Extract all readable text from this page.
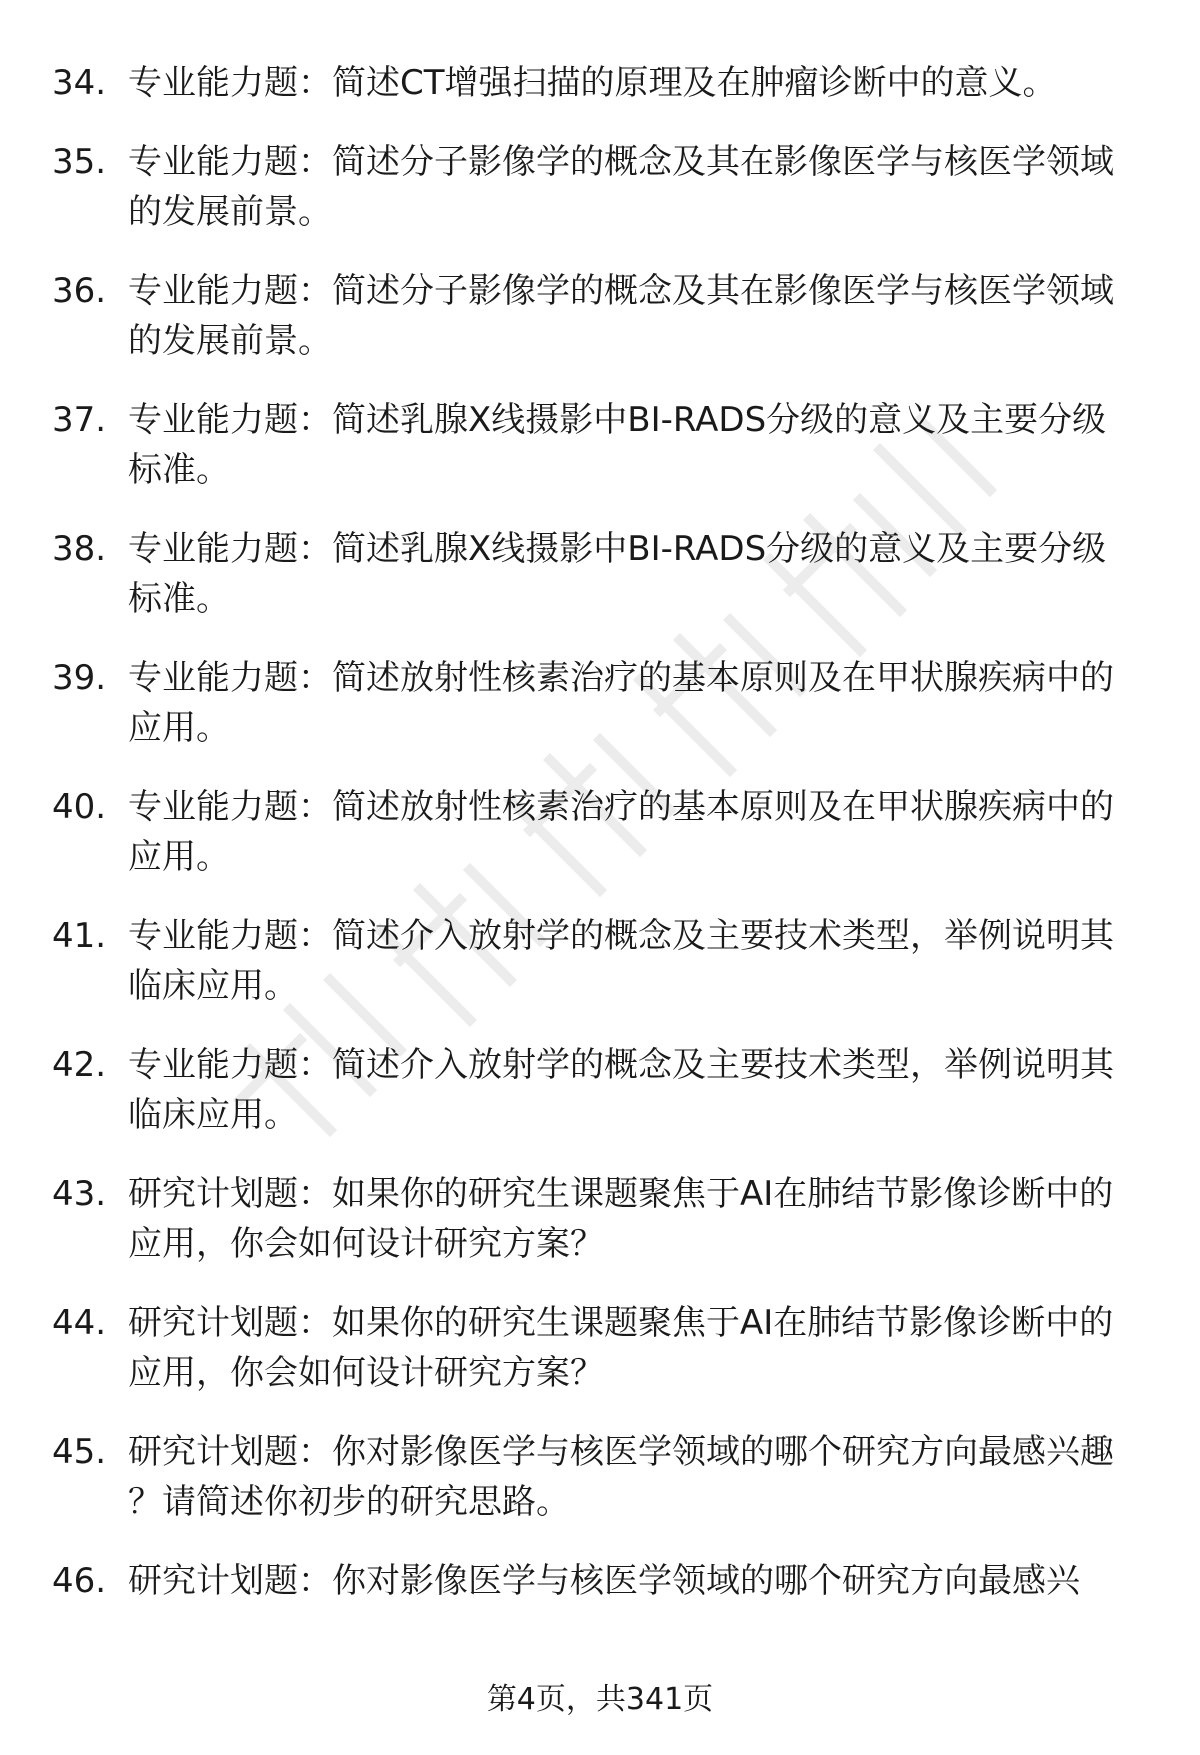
34. 专业能力题：简述CT增强扫描的原理及在肿瘤诊断中的意义。
35. 专业能力题：简述分子影像学的概念及其在影像医学与核医学领域的发展前景。
36. 专业能力题：简述分子影像学的概念及其在影像医学与核医学领域的发展前景。
37. 专业能力题：简述乳腺X线摄影中BI-RADS分级的意义及主要分级标准。
38. 专业能力题：简述乳腺X线摄影中BI-RADS分级的意义及主要分级标准。
39. 专业能力题：简述放射性核素治疗的基本原则及在甲状腺疾病中的应用。
40. 专业能力题：简述放射性核素治疗的基本原则及在甲状腺疾病中的应用。
41. 专业能力题：简述介入放射学的概念及主要技术类型，举例说明其临床应用。
42. 专业能力题：简述介入放射学的概念及主要技术类型，举例说明其临床应用。
43. 研究计划题：如果你的研究生课题聚焦于AI在肺结节影像诊断中的应用，你会如何设计研究方案？
44. 研究计划题：如果你的研究生课题聚焦于AI在肺结节影像诊断中的应用，你会如何设计研究方案？
45. 研究计划题：你对影像医学与核医学领域的哪个研究方向最感兴趣？请简述你初步的研究思路。
46. 研究计划题：你对影像医学与核医学领域的哪个研究方向最感兴
第4页，共341页
